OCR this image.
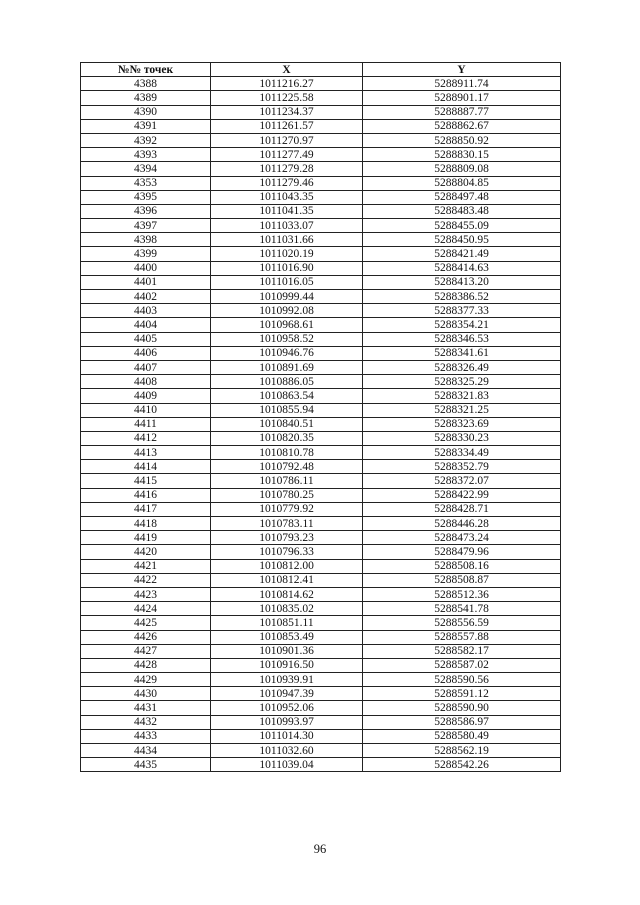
№№ точек	X	Y
4388	1011216.27	5288911.74
4389	1011225.58	5288901.17
4390	1011234.37	5288887.77
4391	1011261.57	5288862.67
4392	1011270.97	5288850.92
4393	1011277.49	5288830.15
4394	1011279.28	5288809.08
4353	1011279.46	5288804.85
4395	1011043.35	5288497.48
4396	1011041.35	5288483.48
4397	1011033.07	5288455.09
4398	1011031.66	5288450.95
4399	1011020.19	5288421.49
4400	1011016.90	5288414.63
4401	1011016.05	5288413.20
4402	1010999.44	5288386.52
4403	1010992.08	5288377.33
4404	1010968.61	5288354.21
4405	1010958.52	5288346.53
4406	1010946.76	5288341.61
4407	1010891.69	5288326.49
4408	1010886.05	5288325.29
4409	1010863.54	5288321.83
4410	1010855.94	5288321.25
4411	1010840.51	5288323.69
4412	1010820.35	5288330.23
4413	1010810.78	5288334.49
4414	1010792.48	5288352.79
4415	1010786.11	5288372.07
4416	1010780.25	5288422.99
4417	1010779.92	5288428.71
4418	1010783.11	5288446.28
4419	1010793.23	5288473.24
4420	1010796.33	5288479.96
4421	1010812.00	5288508.16
4422	1010812.41	5288508.87
4423	1010814.62	5288512.36
4424	1010835.02	5288541.78
4425	1010851.11	5288556.59
4426	1010853.49	5288557.88
4427	1010901.36	5288582.17
4428	1010916.50	5288587.02
4429	1010939.91	5288590.56
4430	1010947.39	5288591.12
4431	1010952.06	5288590.90
4432	1010993.97	5288586.97
4433	1011014.30	5288580.49
4434	1011032.60	5288562.19
4435	1011039.04	5288542.26
96
